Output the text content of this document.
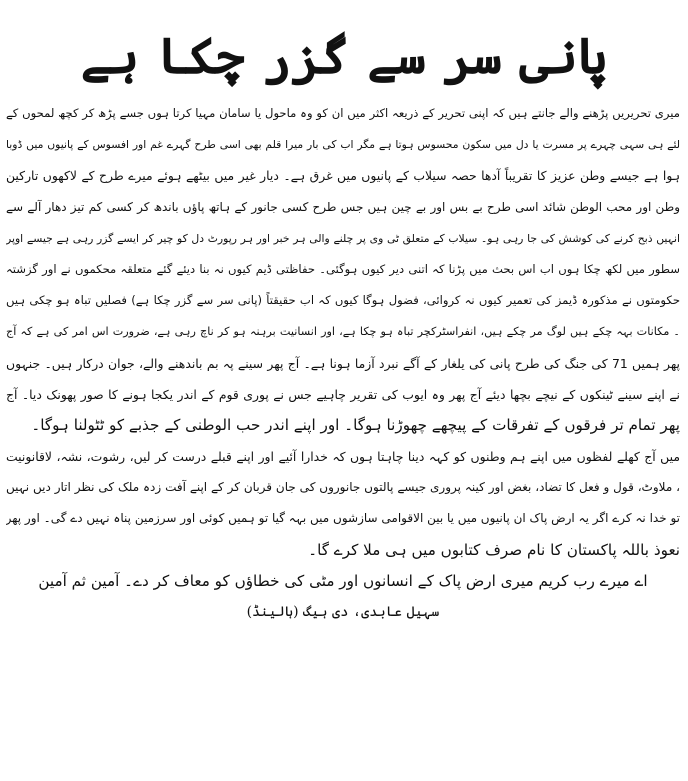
پانی سر سے گزر چکا ہے
میری تحریریں پڑھنے والے جانتے ہیں کہ اپنی تحریر کے ذریعہ اکثر میں ان کو وہ ماحول یا سامان مہیا کرتا ہوں جسے پڑھ کر کچھ لمحوں کے
لئے ہی سہی چہرے پر مسرت یا دل میں سکون محسوس ہوتا ہے مگر اب کی بار میرا قلم بھی اسی طرح گہرے غم اور افسوس کے پانیوں میں ڈوبا
ہوا ہے جیسے وطن عزیز کا تقریباً آدھا حصہ سیلاب کے پانیوں میں غرق ہے۔ دیار غیر میں بیٹھے ہوئے میرے طرح کے لاکھوں تارکین
وطن اور محب الوطن شائد اسی طرح بے بس اور بے چین ہیں جس طرح کسی جانور کے ہاتھ پاؤں باندھ کر کسی کم تیز دھار آلے سے
انہیں ذبح کرنے کی کوشش کی جا رہی ہو۔ سیلاب کے متعلق ٹی وی پر چلنے والی ہر خبر اور ہر رپورٹ دل کو چیر کر ایسے گزر رہی ہے جیسے اوپر
سطور میں لکھ چکا ہوں اب اس بحث میں پڑنا کہ اتنی دیر کیوں ہوگئی۔ حفاظتی ڈیم کیوں نہ بنا دیئے گئے متعلقہ محکموں نے اور گزشتہ
حکومتوں نے مذکورہ ڈیمز کی تعمیر کیوں نہ کروائی، فضول ہوگا کیوں کہ اب حقیقتاً (پانی سر سے گزر چکا ہے) فصلیں تباہ ہو چکی ہیں
۔ مکانات بہہ چکے ہیں لوگ مر چکے ہیں، انفراسٹرکچر تباہ ہو چکا ہے، اور انسانیت برہنہ ہو کر ناچ رہی ہے، ضرورت اس امر کی ہے کہ آج
پھر ہمیں 71 کی جنگ کی طرح پانی کی یلغار کے آگے نبرد آزما ہونا ہے۔ آج پھر سینے پہ بم باندھنے والے، جوان درکار ہیں۔ جنہوں
نے اپنے سینے ٹینکوں کے نیچے بچھا دیئے آج پھر وہ ایوب کی تقریر چاہیے جس نے پوری قوم کے اندر یکجا ہونے کا صور پھونک دیا۔ آج
پھر تمام تر فرقوں کے تفرقات کے پیچھے چھوڑنا ہوگا۔ اور اپنے اندر حب الوطنی کے جذبے کو ٹٹولنا ہوگا۔
میں آج کھلے لفظوں میں اپنے ہم وطنوں کو کہہ دینا چاہتا ہوں کہ خدارا آئیے اور اپنے قبلے درست کر لیں، رشوت، نشہ، لاقانونیت
، ملاوٹ، قول و فعل کا تضاد، بغض اور کینہ پروری جیسے پالتوں جانوروں کی جان قربان کر کے اپنے آفت زدہ ملک کی نظر اتار دیں نہیں
تو خدا نہ کرے اگر یہ ارض پاک ان پانیوں میں یا بین الاقوامی سازشوں میں بہہ گیا تو ہمیں کوئی اور سرزمین پناہ نہیں دے گی۔ اور پھر
نعوذ باللہ پاکستان کا نام صرف کتابوں میں ہی ملا کرے گا۔
اے میرے رب کریم میری ارض پاک کے انسانوں اور مٹی کی خطاؤں کو معاف کر دے۔ آمین ثم آمین
سہیل عابدی، دی ہیگ (ہالینڈ)
